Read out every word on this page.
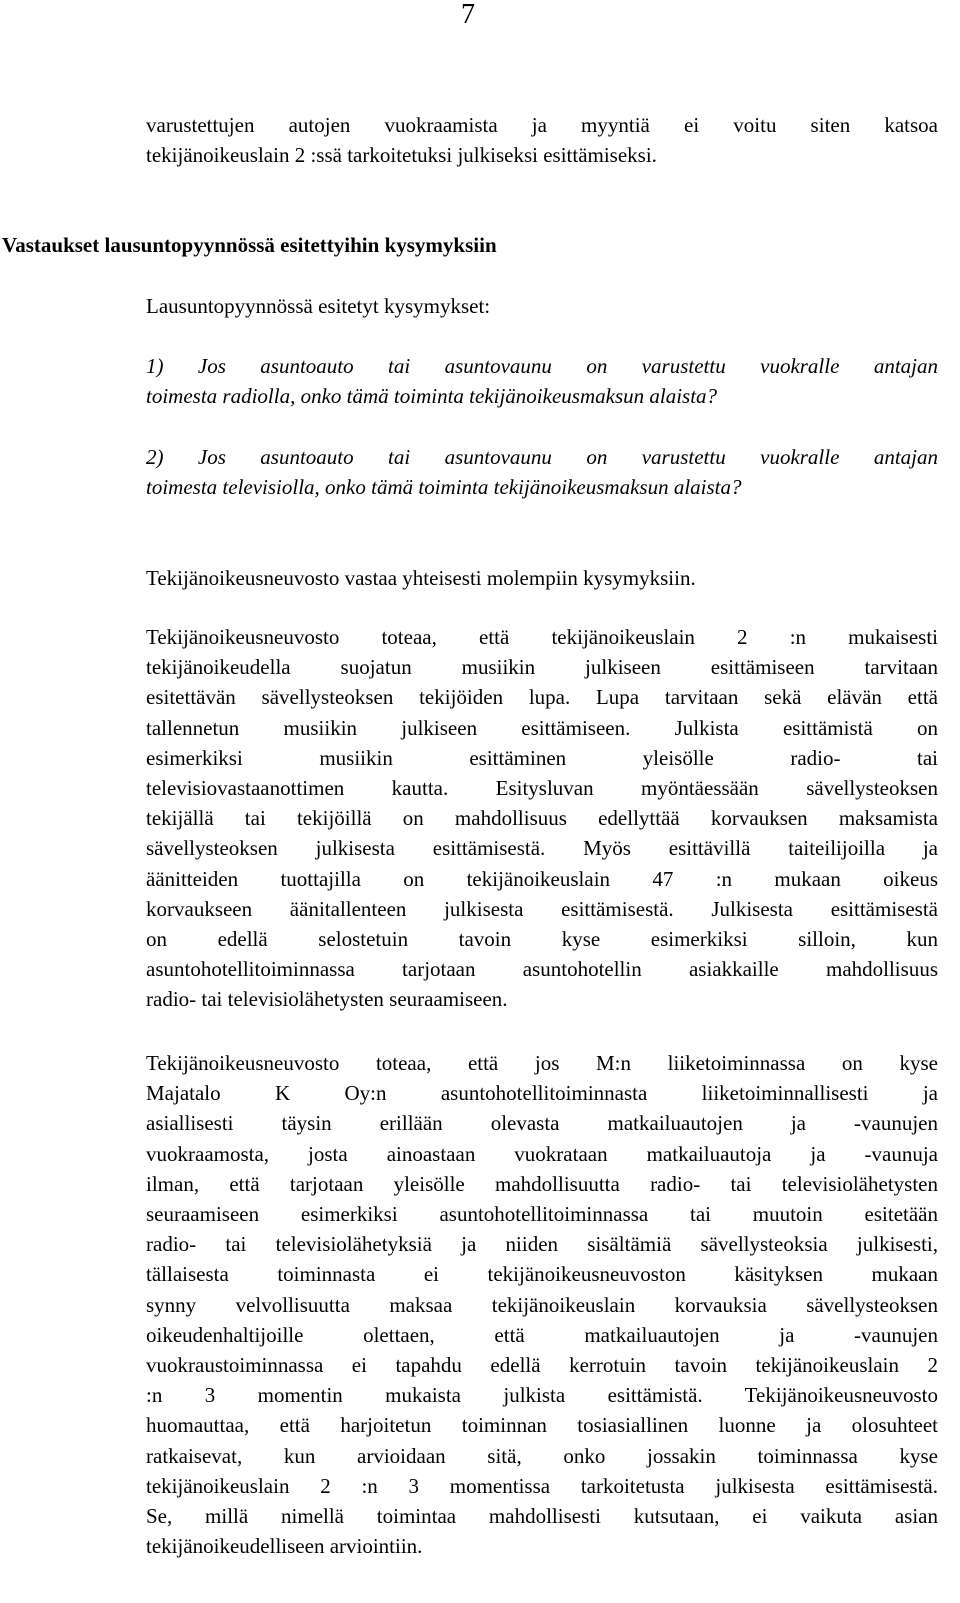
7
varustettujen autojen vuokraamista ja myyntiä ei voitu siten katsoa
tekijänoikeuslain 2 :ssä tarkoitetuksi julkiseksi esittämiseksi.
Vastaukset lausuntopyynnössä esitettyihin kysymyksiin
Lausuntopyynnössä esitetyt kysymykset:
1) Jos asuntoauto tai asuntovaunu on varustettu vuokralle antajan
toimesta radiolla, onko tämä toiminta tekijänoikeusmaksun alaista?
2) Jos asuntoauto tai asuntovaunu on varustettu vuokralle antajan
toimesta televisiolla, onko tämä toiminta tekijänoikeusmaksun alaista?
Tekijänoikeusneuvosto vastaa yhteisesti molempiin kysymyksiin.
Tekijänoikeusneuvosto toteaa, että tekijänoikeuslain 2 :n mukaisesti
tekijänoikeudella suojatun musiikin julkiseen esittämiseen tarvitaan
esitettävän sävellysteoksen tekijöiden lupa. Lupa tarvitaan sekä elävän että
tallennetun musiikin julkiseen esittämiseen. Julkista esittämistä on
esimerkiksi musiikin esittäminen yleisölle radio- tai
televisiovastaanottimen kautta. Esitysluvan myöntäessään sävellysteoksen
tekijällä tai tekijöillä on mahdollisuus edellyttää korvauksen maksamista
sävellysteoksen julkisesta esittämisestä. Myös esittävillä taiteilijoilla ja
äänitteiden tuottajilla on tekijänoikeuslain 47 :n mukaan oikeus
korvaukseen äänitallenteen julkisesta esittämisestä. Julkisesta esittämisestä
on edellä selostetuin tavoin kyse esimerkiksi silloin, kun
asuntohotellitoiminnassa tarjotaan asuntohotellin asiakkaille mahdollisuus
radio- tai televisiolähetysten seuraamiseen.
Tekijänoikeusneuvosto toteaa, että jos M:n liiketoiminnassa on kyse
Majatalo K Oy:n asuntohotellitoiminnasta liiketoiminnallisesti ja
asiallisesti täysin erillään olevasta matkailuautojen ja -vaunujen
vuokraamosta, josta ainoastaan vuokrataan matkailuautoja ja -vaunuja
ilman, että tarjotaan yleisölle mahdollisuutta radio- tai televisiolähetysten
seuraamiseen esimerkiksi asuntohotellitoiminnassa tai muutoin esitetään
radio- tai televisiolähetyksiä ja niiden sisältämiä sävellysteoksia julkisesti,
tällaisesta toiminnasta ei tekijänoikeusneuvoston käsityksen mukaan
synny velvollisuutta maksaa tekijänoikeuslain korvauksia sävellysteoksen
oikeudenhaltijoille olettaen, että matkailuautojen ja -vaunujen
vuokraustoiminnassa ei tapahdu edellä kerrotuin tavoin tekijänoikeuslain 2
:n 3 momentin mukaista julkista esittämistä. Tekijänoikeusneuvosto
huomauttaa, että harjoitetun toiminnan tosiasiallinen luonne ja olosuhteet
ratkaisevat, kun arvioidaan sitä, onko jossakin toiminnassa kyse
tekijänoikeuslain 2 :n 3 momentissa tarkoitetusta julkisesta esittämisestä.
Se, millä nimellä toimintaa mahdollisesti kutsutaan, ei vaikuta asian
tekijänoikeudelliseen arviointiin.
